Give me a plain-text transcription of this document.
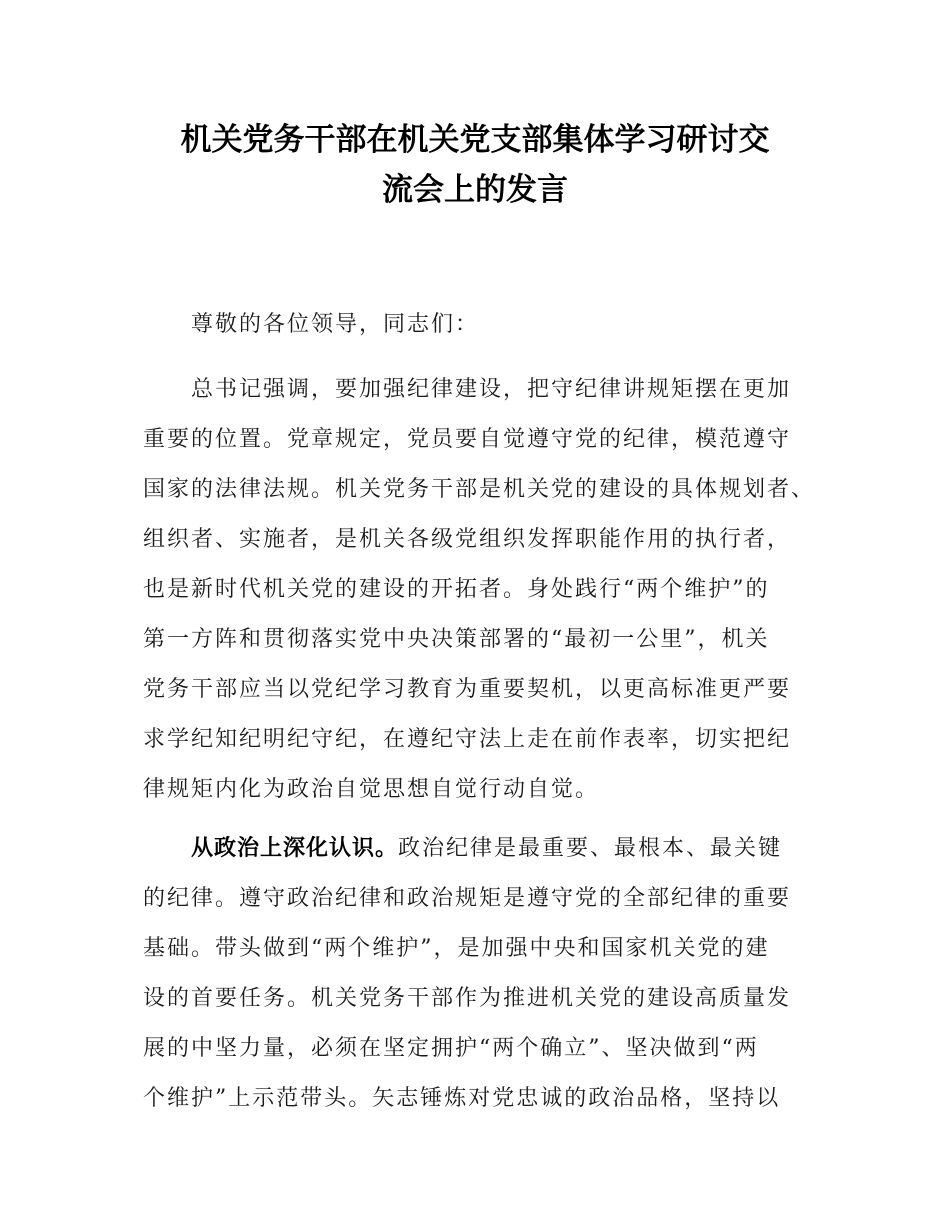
机关党务干部在机关党支部集体学习研讨交
流会上的发言
尊敬的各位领导，同志们：
总书记强调，要加强纪律建设，把守纪律讲规矩摆在更加
重要的位置。党章规定，党员要自觉遵守党的纪律，模范遵守
国家的法律法规。机关党务干部是机关党的建设的具体规划者、
组织者、实施者，是机关各级党组织发挥职能作用的执行者，
也是新时代机关党的建设的开拓者。身处践行“两个维护”的
第一方阵和贯彻落实党中央决策部署的“最初一公里”，机关
党务干部应当以党纪学习教育为重要契机，以更高标准更严要
求学纪知纪明纪守纪，在遵纪守法上走在前作表率，切实把纪
律规矩内化为政治自觉思想自觉行动自觉。
从政治上深化认识。政治纪律是最重要、最根本、最关键
的纪律。遵守政治纪律和政治规矩是遵守党的全部纪律的重要
基础。带头做到“两个维护”，是加强中央和国家机关党的建
设的首要任务。机关党务干部作为推进机关党的建设高质量发
展的中坚力量，必须在坚定拥护“两个确立”、坚决做到“两
个维护”上示范带头。矢志锤炼对党忠诚的政治品格，坚持以
